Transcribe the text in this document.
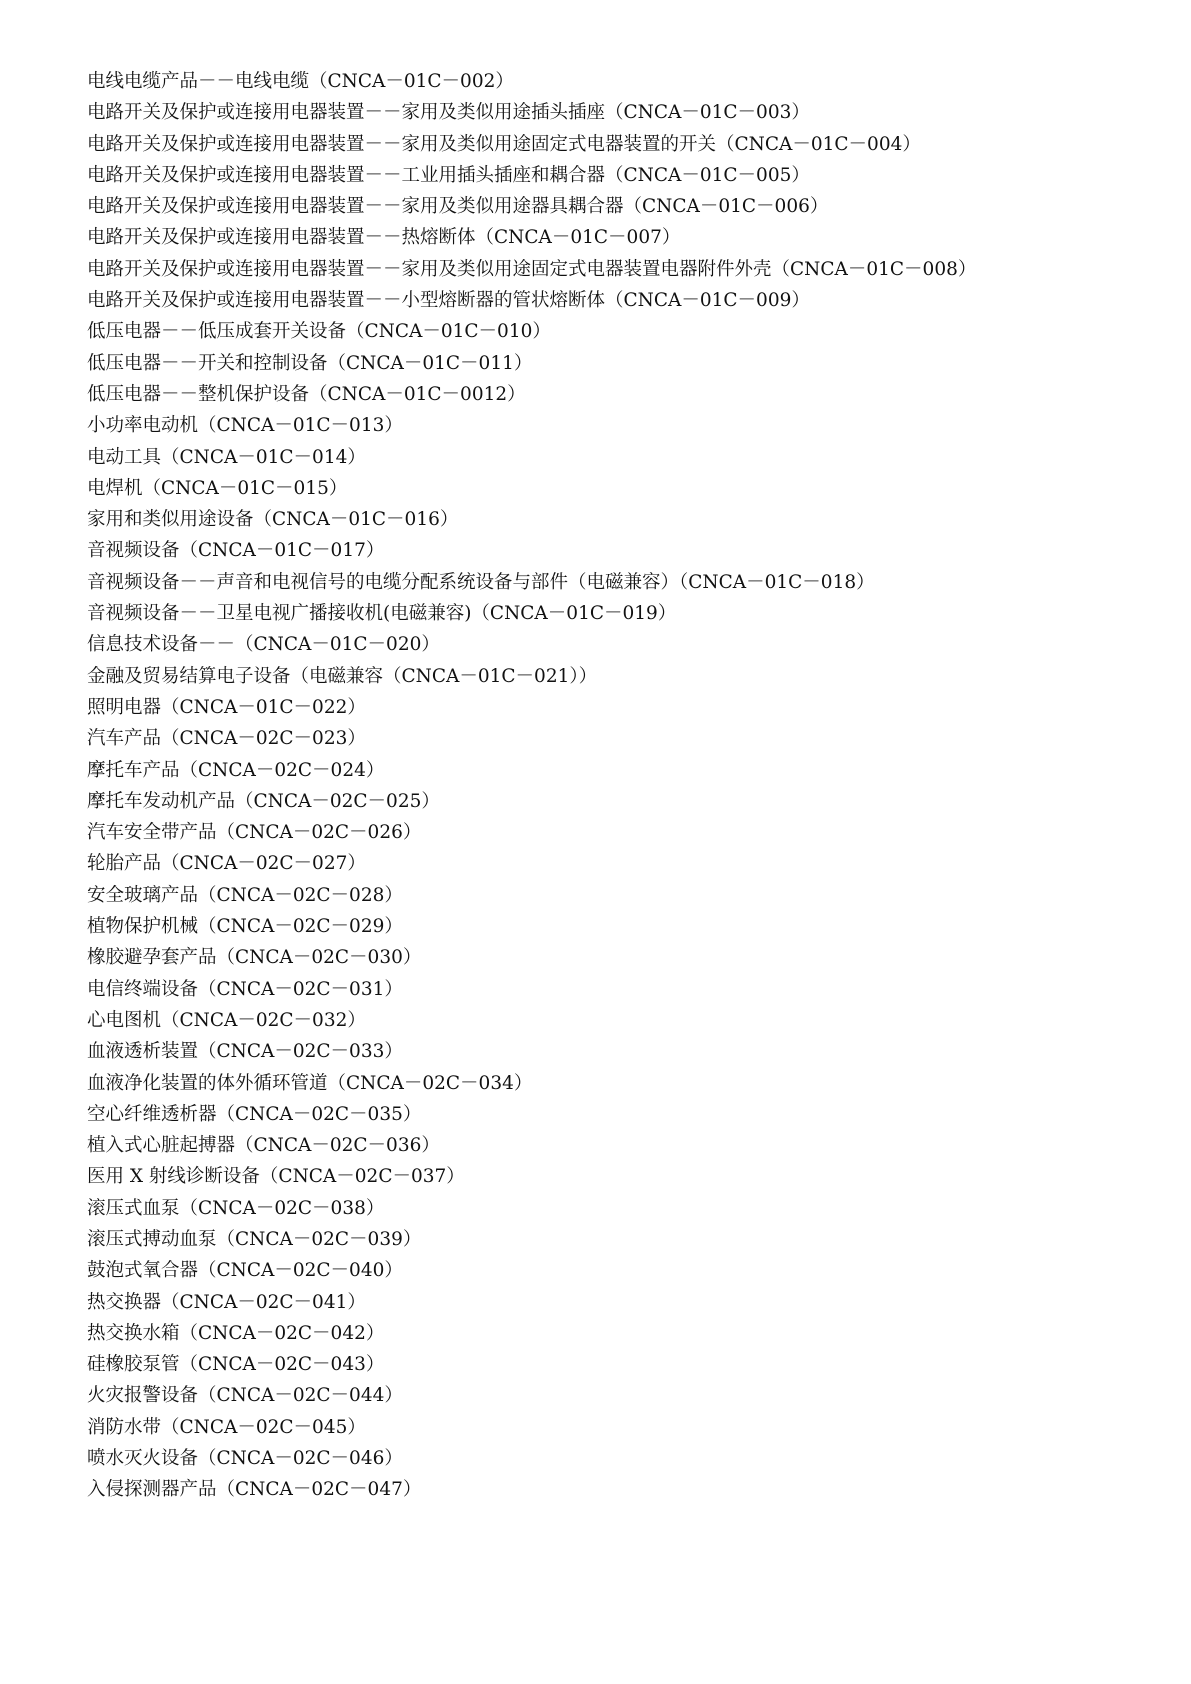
电线电缆产品－－电线电缆（CNCA－01C－002）
电路开关及保护或连接用电器装置－－家用及类似用途插头插座（CNCA－01C－003）
电路开关及保护或连接用电器装置－－家用及类似用途固定式电器装置的开关（CNCA－01C－004）
电路开关及保护或连接用电器装置－－工业用插头插座和耦合器（CNCA－01C－005）
电路开关及保护或连接用电器装置－－家用及类似用途器具耦合器（CNCA－01C－006）
电路开关及保护或连接用电器装置－－热熔断体（CNCA－01C－007）
电路开关及保护或连接用电器装置－－家用及类似用途固定式电器装置电器附件外壳（CNCA－01C－008）
电路开关及保护或连接用电器装置－－小型熔断器的管状熔断体（CNCA－01C－009）
低压电器－－低压成套开关设备（CNCA－01C－010）
低压电器－－开关和控制设备（CNCA－01C－011）
低压电器－－整机保护设备（CNCA－01C－0012）
小功率电动机（CNCA－01C－013）
电动工具（CNCA－01C－014）
电焊机（CNCA－01C－015）
家用和类似用途设备（CNCA－01C－016）
音视频设备（CNCA－01C－017）
音视频设备－－声音和电视信号的电缆分配系统设备与部件（电磁兼容）（CNCA－01C－018）
音视频设备－－卫星电视广播接收机(电磁兼容)（CNCA－01C－019）
信息技术设备－－（CNCA－01C－020）
金融及贸易结算电子设备（电磁兼容（CNCA－01C－021））
照明电器（CNCA－01C－022）
汽车产品（CNCA－02C－023）
摩托车产品（CNCA－02C－024）
摩托车发动机产品（CNCA－02C－025）
汽车安全带产品（CNCA－02C－026）
轮胎产品（CNCA－02C－027）
安全玻璃产品（CNCA－02C－028）
植物保护机械（CNCA－02C－029）
橡胶避孕套产品（CNCA－02C－030）
电信终端设备（CNCA－02C－031）
心电图机（CNCA－02C－032）
血液透析装置（CNCA－02C－033）
血液净化装置的体外循环管道（CNCA－02C－034）
空心纤维透析器（CNCA－02C－035）
植入式心脏起搏器（CNCA－02C－036）
医用 X 射线诊断设备（CNCA－02C－037）
滚压式血泵（CNCA－02C－038）
滚压式搏动血泵（CNCA－02C－039）
鼓泡式氧合器（CNCA－02C－040）
热交换器（CNCA－02C－041）
热交换水箱（CNCA－02C－042）
硅橡胶泵管（CNCA－02C－043）
火灾报警设备（CNCA－02C－044）
消防水带（CNCA－02C－045）
喷水灭火设备（CNCA－02C－046）
入侵探测器产品（CNCA－02C－047）
